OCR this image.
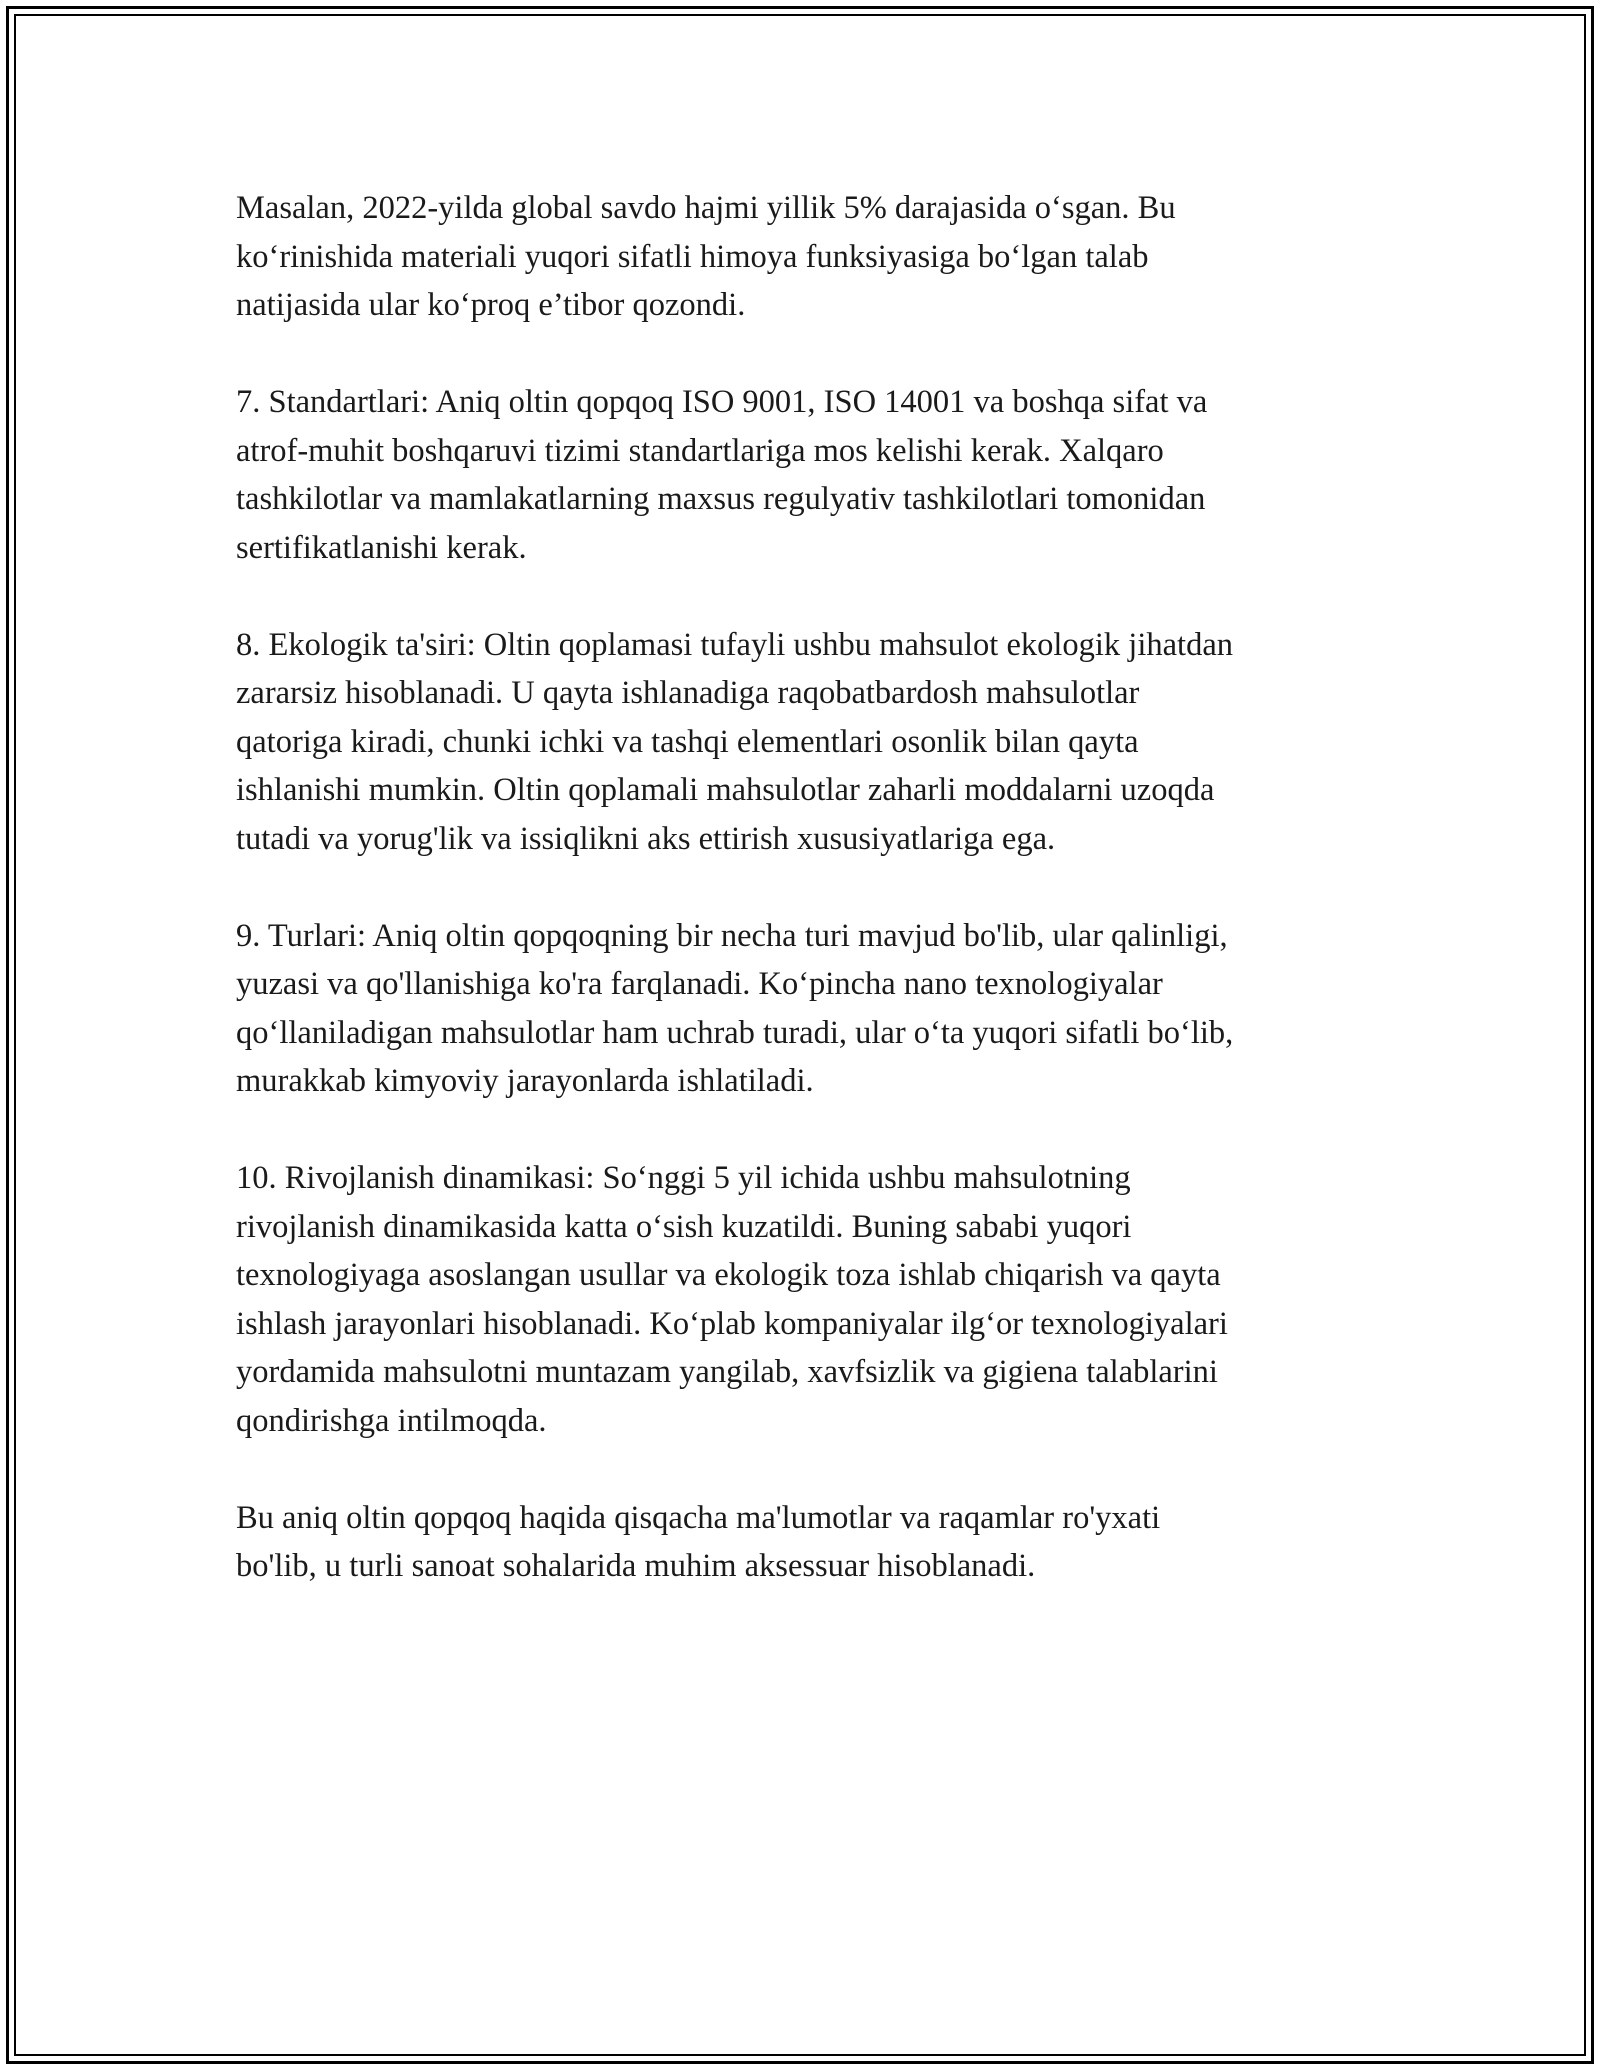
Masalan, 2022-yilda global savdo hajmi yillik 5% darajasida o‘sgan. Bu
ko‘rinishida materiali yuqori sifatli himoya funksiyasiga bo‘lgan talab
natijasida ular ko‘proq e’tibor qozondi.

7. Standartlari: Aniq oltin qopqoq ISO 9001, ISO 14001 va boshqa sifat va
atrof-muhit boshqaruvi tizimi standartlariga mos kelishi kerak. Xalqaro
tashkilotlar va mamlakatlarning maxsus regulyativ tashkilotlari tomonidan
sertifikatlanishi kerak.

8. Ekologik ta'siri: Oltin qoplamasi tufayli ushbu mahsulot ekologik jihatdan
zararsiz hisoblanadi. U qayta ishlanadiga raqobatbardosh mahsulotlar
qatoriga kiradi, chunki ichki va tashqi elementlari osonlik bilan qayta
ishlanishi mumkin. Oltin qoplamali mahsulotlar zaharli moddalarni uzoqda
tutadi va yorug'lik va issiqlikni aks ettirish xususiyatlariga ega.

9. Turlari: Aniq oltin qopqoqning bir necha turi mavjud bo'lib, ular qalinligi,
yuzasi va qo'llanishiga ko'ra farqlanadi. Ko‘pincha nano texnologiyalar
qo‘llaniladigan mahsulotlar ham uchrab turadi, ular o‘ta yuqori sifatli bo‘lib,
murakkab kimyoviy jarayonlarda ishlatiladi.

10. Rivojlanish dinamikasi: So‘nggi 5 yil ichida ushbu mahsulotning
rivojlanish dinamikasida katta o‘sish kuzatildi. Buning sababi yuqori
texnologiyaga asoslangan usullar va ekologik toza ishlab chiqarish va qayta
ishlash jarayonlari hisoblanadi. Ko‘plab kompaniyalar ilg‘or texnologiyalari
yordamida mahsulotni muntazam yangilab, xavfsizlik va gigiena talablarini
qondirishga intilmoqda.

Bu aniq oltin qopqoq haqida qisqacha ma'lumotlar va raqamlar ro'yxati
bo'lib, u turli sanoat sohalarida muhim aksessuar hisoblanadi.
